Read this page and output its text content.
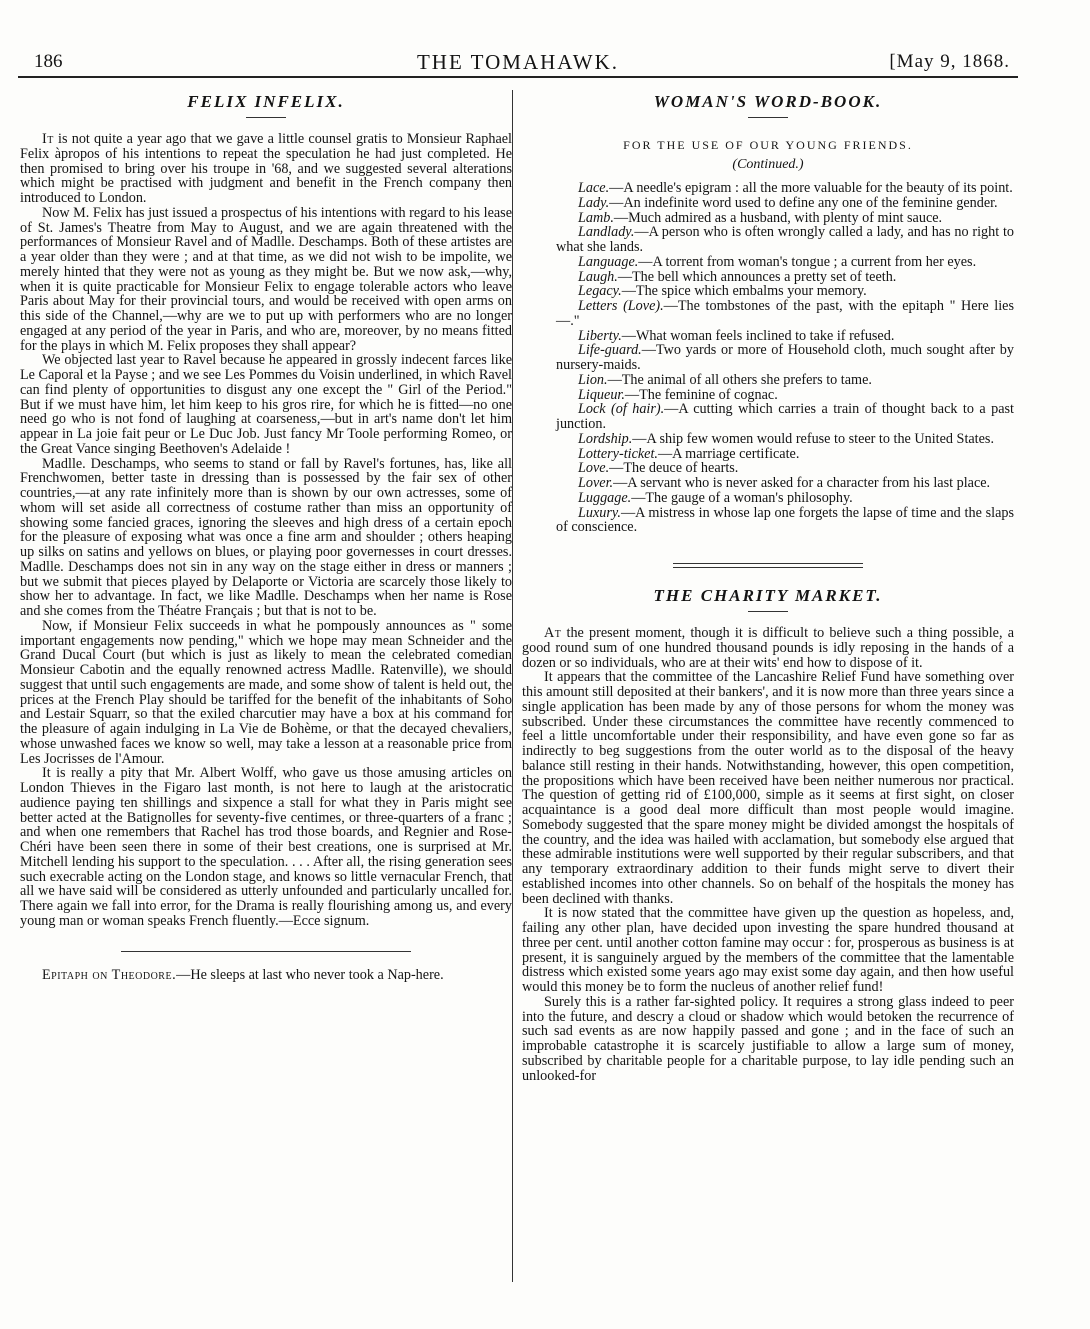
186	THE TOMAHAWK.	[May 9, 1868.
FELIX INFELIX.

It is not quite a year ago that we gave a little counsel gratis to Monsieur Raphael Felix àpropos of his intentions to repeat the speculation he had just completed. He then promised to bring over his troupe in '68, and we suggested several alterations which might be practised with judgment and benefit in the French company then introduced to London.

Now M. Felix has just issued a prospectus of his intentions with regard to his lease of St. James's Theatre from May to August, and we are again threatened with the performances of Monsieur Ravel and of Madlle. Deschamps. Both of these artistes are a year older than they were ; and at that time, as we did not wish to be impolite, we merely hinted that they were not as young as they might be. But we now ask,—why, when it is quite practicable for Monsieur Felix to engage tolerable actors who leave Paris about May for their provincial tours, and would be received with open arms on this side of the Channel,—why are we to put up with performers who are no longer engaged at any period of the year in Paris, and who are, moreover, by no means fitted for the plays in which M. Felix proposes they shall appear?

We objected last year to Ravel because he appeared in grossly indecent farces like Le Caporal et la Payse ; and we see Les Pommes du Voisin underlined, in which Ravel can find plenty of opportunities to disgust any one except the " Girl of the Period." But if we must have him, let him keep to his gros rire, for which he is fitted—no one need go who is not fond of laughing at coarseness,—but in art's name don't let him appear in La joie fait peur or Le Duc Job. Just fancy Mr Toole performing Romeo, or the Great Vance singing Beethoven's Adelaide !

Madlle. Deschamps, who seems to stand or fall by Ravel's fortunes, has, like all Frenchwomen, better taste in dressing than is possessed by the fair sex of other countries,—at any rate infinitely more than is shown by our own actresses, some of whom will set aside all correctness of costume rather than miss an opportunity of showing some fancied graces, ignoring the sleeves and high dress of a certain epoch for the pleasure of exposing what was once a fine arm and shoulder ; others heaping up silks on satins and yellows on blues, or playing poor governesses in court dresses. Madlle. Deschamps does not sin in any way on the stage either in dress or manners ; but we submit that pieces played by Delaporte or Victoria are scarcely those likely to show her to advantage. In fact, we like Madlle. Deschamps when her name is Rose and she comes from the Théatre Français ; but that is not to be.

Now, if Monsieur Felix succeeds in what he pompously announces as " some important engagements now pending," which we hope may mean Schneider and the Grand Ducal Court (but which is just as likely to mean the celebrated comedian Monsieur Cabotin and the equally renowned actress Madlle. Ratenville), we should suggest that until such engagements are made, and some show of talent is held out, the prices at the French Play should be tariffed for the benefit of the inhabitants of Soho and Lestair Squarr, so that the exiled charcutier may have a box at his command for the pleasure of again indulging in La Vie de Bohème, or that the decayed chevaliers, whose unwashed faces we know so well, may take a lesson at a reasonable price from Les Jocrisses de l'Amour.

It is really a pity that Mr. Albert Wolff, who gave us those amusing articles on London Thieves in the Figaro last month, is not here to laugh at the aristocratic audience paying ten shillings and sixpence a stall for what they in Paris might see better acted at the Batignolles for seventy-five centimes, or three-quarters of a franc ; and when one remembers that Rachel has trod those boards, and Regnier and Rose-Chéri have been seen there in some of their best creations, one is surprised at Mr. Mitchell lending his support to the speculation. . . . After all, the rising generation sees such execrable acting on the London stage, and knows so little vernacular French, that all we have said will be considered as utterly unfounded and particularly uncalled for. There again we fall into error, for the Drama is really flourishing among us, and every young man or woman speaks French fluently.—Ecce signum.

Epitaph on Theodore.—He sleeps at last who never took a Nap-here.

WOMAN'S WORD-BOOK.
FOR THE USE OF OUR YOUNG FRIENDS.
(Continued.)

Lace.—A needle's epigram : all the more valuable for the beauty of its point.

Lady.—An indefinite word used to define any one of the feminine gender.

Lamb.—Much admired as a husband, with plenty of mint sauce.

Landlady.—A person who is often wrongly called a lady, and has no right to what she lands.

Language.—A torrent from woman's tongue ; a current from her eyes.

Laugh.—The bell which announces a pretty set of teeth.

Legacy.—The spice which embalms your memory.

Letters (Love).—The tombstones of the past, with the epitaph " Here lies—."

Liberty.—What woman feels inclined to take if refused.

Life-guard.—Two yards or more of Household cloth, much sought after by nursery-maids.

Lion.—The animal of all others she prefers to tame.

Liqueur.—The feminine of cognac.

Lock (of hair).—A cutting which carries a train of thought back to a past junction.

Lordship.—A ship few women would refuse to steer to the United States.

Lottery-ticket.—A marriage certificate.

Love.—The deuce of hearts.

Lover.—A servant who is never asked for a character from his last place.

Luggage.—The gauge of a woman's philosophy.

Luxury.—A mistress in whose lap one forgets the lapse of time and the slaps of conscience.

THE CHARITY MARKET.

At the present moment, though it is difficult to believe such a thing possible, a good round sum of one hundred thousand pounds is idly reposing in the hands of a dozen or so individuals, who are at their wits' end how to dispose of it.

It appears that the committee of the Lancashire Relief Fund have something over this amount still deposited at their bankers', and it is now more than three years since a single application has been made by any of those persons for whom the money was subscribed. Under these circumstances the committee have recently commenced to feel a little uncomfortable under their responsibility, and have even gone so far as indirectly to beg suggestions from the outer world as to the disposal of the heavy balance still resting in their hands. Notwithstanding, however, this open competition, the propositions which have been received have been neither numerous nor practical. The question of getting rid of £100,000, simple as it seems at first sight, on closer acquaintance is a good deal more difficult than most people would imagine. Somebody suggested that the spare money might be divided amongst the hospitals of the country, and the idea was hailed with acclamation, but somebody else argued that these admirable institutions were well supported by their regular subscribers, and that any temporary extraordinary addition to their funds might serve to divert their established incomes into other channels. So on behalf of the hospitals the money has been declined with thanks.

It is now stated that the committee have given up the question as hopeless, and, failing any other plan, have decided upon investing the spare hundred thousand at three per cent. until another cotton famine may occur : for, prosperous as business is at present, it is sanguinely argued by the members of the committee that the lamentable distress which existed some years ago may exist some day again, and then how useful would this money be to form the nucleus of another relief fund!

Surely this is a rather far-sighted policy. It requires a strong glass indeed to peer into the future, and descry a cloud or shadow which would betoken the recurrence of such sad events as are now happily passed and gone ; and in the face of such an improbable catastrophe it is scarcely justifiable to allow a large sum of money, subscribed by charitable people for a charitable purpose, to lay idle pending such an unlooked-for
